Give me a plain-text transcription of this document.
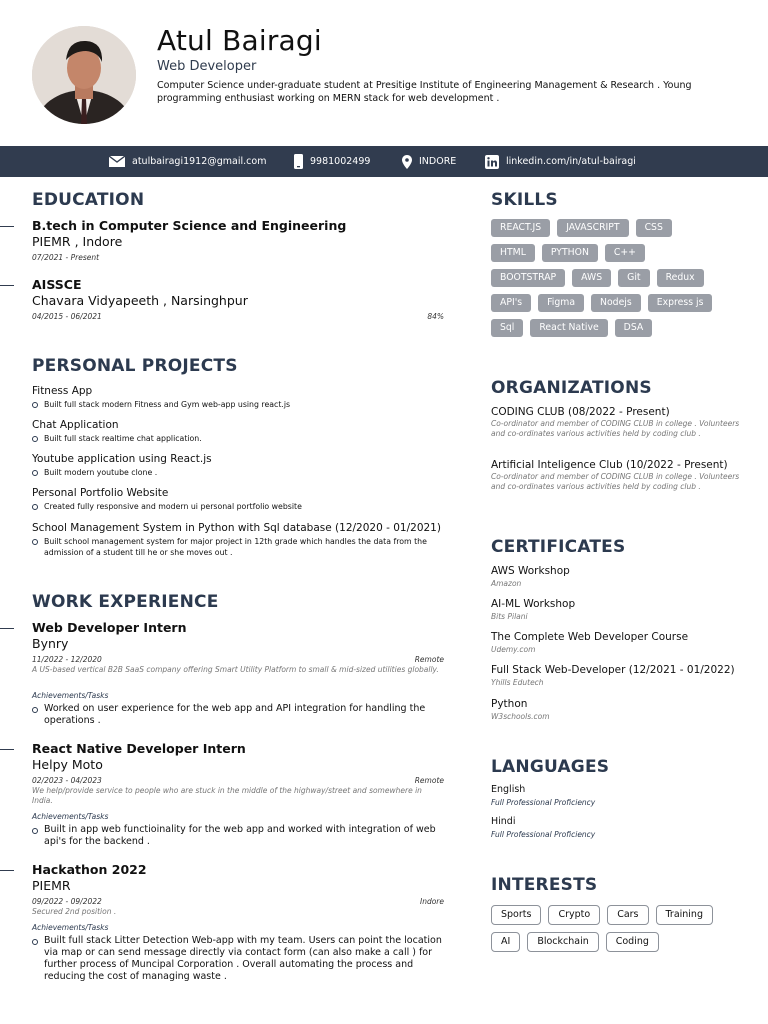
Atul Bairagi
Web Developer
Computer Science under-graduate student at Presitige Institute of Engineering Management & Research . Young programming enthusiast working on MERN stack for web development .
atulbairagi1912@gmail.com	9981002499	INDORE	linkedin.com/in/atul-bairagi
EDUCATION
B.tech in Computer Science and Engineering
PIEMR , Indore
07/2021 - Present
AISSCE
Chavara Vidyapeeth , Narsinghpur
04/2015 - 06/2021	84%
PERSONAL PROJECTS
Fitness App
Built full stack modern Fitness and Gym web-app using react.js
Chat Application
Built full stack realtime chat application.
Youtube application using React.js
Built modern youtube clone .
Personal Portfolio Website
Created fully responsive and modern ui personal portfolio website
School Management System in Python with Sql database (12/2020 - 01/2021)
Built school management system for major project in 12th grade which handles the data from the admission of a student till he or she moves out .
WORK EXPERIENCE
Web Developer Intern
Bynry
11/2022 - 12/2020	Remote
A US-based vertical B2B SaaS company offering Smart Utility Platform to small & mid-sized utilities globally.
Achievements/Tasks
Worked on user experience for the web app and API integration for handling the operations .
React Native Developer Intern
Helpy Moto
02/2023 - 04/2023	Remote
We help/provide service to people who are stuck in the middle of the highway/street and somewhere in India.
Achievements/Tasks
Built in app web functioinality for the web app and worked with integration of web api's for the backend .
Hackathon 2022
PIEMR
09/2022 - 09/2022	Indore
Secured 2nd position .
Achievements/Tasks
Built full stack Litter Detection Web-app with my team. Users can point the location via map or can send message directly via contact form (can also make a call ) for further process of Muncipal Corporation . Overall automating the process and reducing the cost of managing waste .
SKILLS
REACT.JS	JAVASCRIPT	CSS
HTML	PYTHON	C++
BOOTSTRAP	AWS	Git	Redux
API's	Figma	Nodejs	Express js
Sql	React Native	DSA
ORGANIZATIONS
CODING CLUB (08/2022 - Present)
Co-ordinator and member of CODING CLUB in college . Volunteers and co-ordinates various activities held by coding club .
Artificial Inteligence Club (10/2022 - Present)
Co-ordinator and member of CODING CLUB in college . Volunteers and co-ordinates various activities held by coding club .
CERTIFICATES
AWS Workshop
Amazon
AI-ML Workshop
Bits Pilani
The Complete Web Developer Course
Udemy.com
Full Stack Web-Developer (12/2021 - 01/2022)
Yhills Edutech
Python
W3schools.com
LANGUAGES
English
Full Professional Proficiency
Hindi
Full Professional Proficiency
INTERESTS
Sports	Crypto	Cars	Training
AI	Blockchain	Coding
